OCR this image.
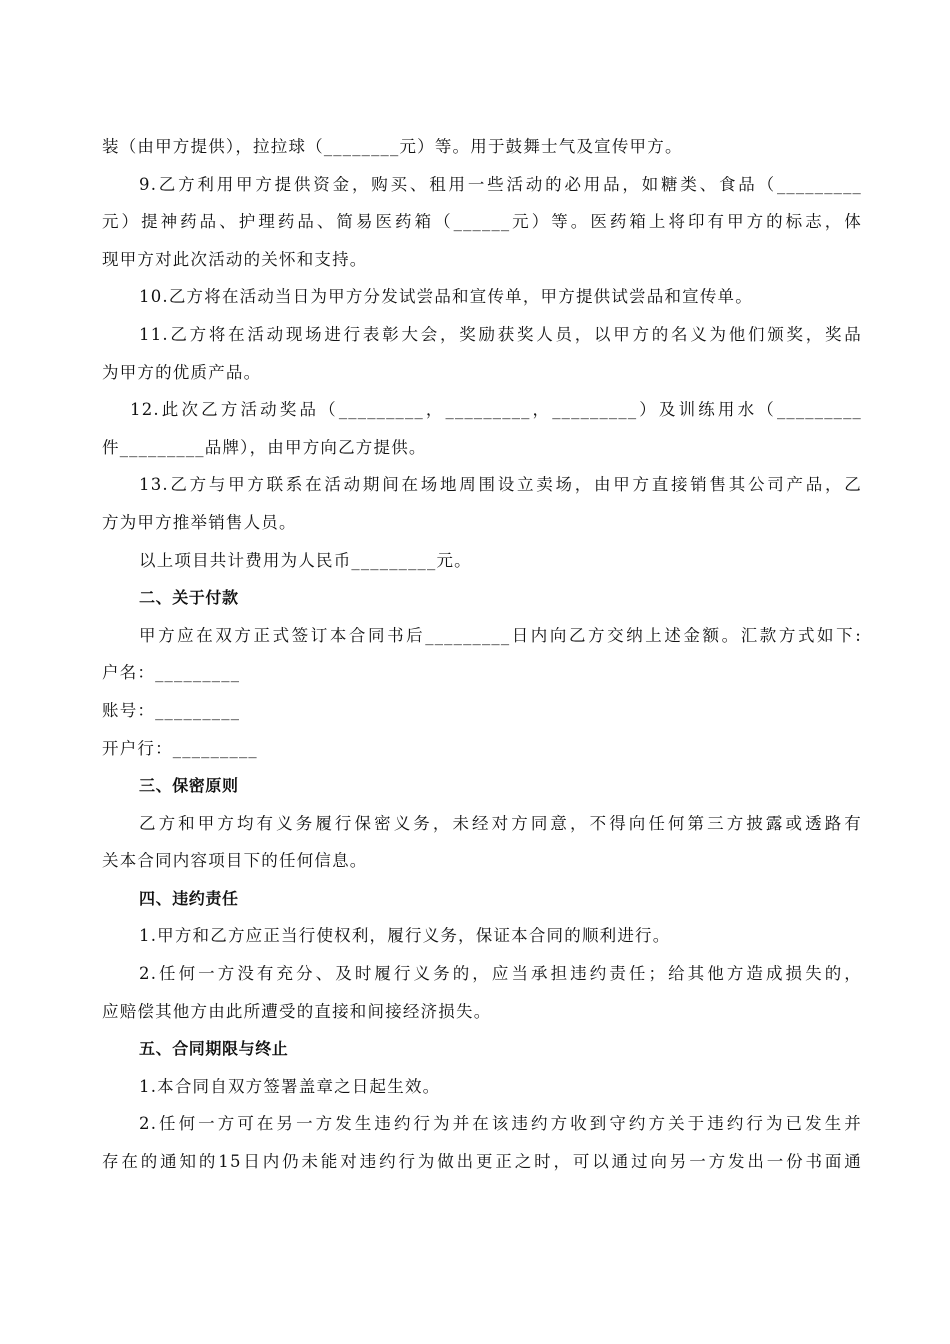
装（由甲方提供），拉拉球（________元）等。用于鼓舞士气及宣传甲方。
9.乙方利用甲方提供资金，购买、租用一些活动的必用品，如糖类、食品（_________
元）提神药品、护理药品、简易医药箱（______元）等。医药箱上将印有甲方的标志，体
现甲方对此次活动的关怀和支持。
10.乙方将在活动当日为甲方分发试尝品和宣传单，甲方提供试尝品和宣传单。
11.乙方将在活动现场进行表彰大会，奖励获奖人员，以甲方的名义为他们颁奖，奖品
为甲方的优质产品。
12.此次乙方活动奖品（_________，_________，_________）及训练用水（_________
件_________品牌），由甲方向乙方提供。
13.乙方与甲方联系在活动期间在场地周围设立卖场，由甲方直接销售其公司产品，乙
方为甲方推举销售人员。
以上项目共计费用为人民币_________元。
二、关于付款
甲方应在双方正式签订本合同书后_________日内向乙方交纳上述金额。汇款方式如下:
户名：_________
账号：_________
开户行：_________
三、保密原则
乙方和甲方均有义务履行保密义务，未经对方同意，不得向任何第三方披露或透路有
关本合同内容项目下的任何信息。
四、违约责任
1.甲方和乙方应正当行使权利，履行义务，保证本合同的顺利进行。
2.任何一方没有充分、及时履行义务的，应当承担违约责任；给其他方造成损失的，
应赔偿其他方由此所遭受的直接和间接经济损失。
五、合同期限与终止
1.本合同自双方签署盖章之日起生效。
2.任何一方可在另一方发生违约行为并在该违约方收到守约方关于违约行为已发生并
存在的通知的15日内仍未能对违约行为做出更正之时，可以通过向另一方发出一份书面通
